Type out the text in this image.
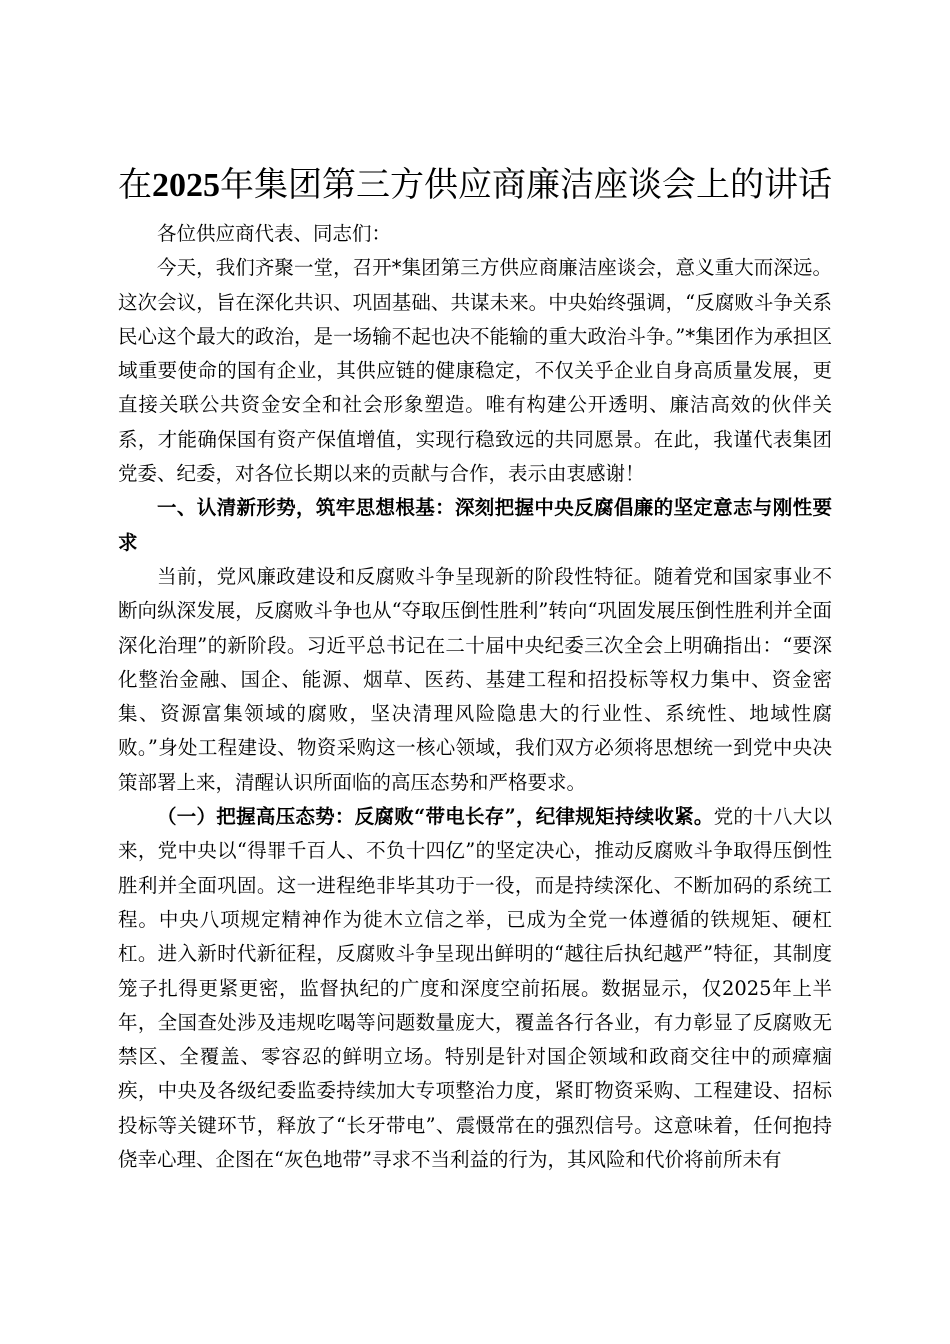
在2025年集团第三方供应商廉洁座谈会上的讲话

各位供应商代表、同志们：

今天，我们齐聚一堂，召开*集团第三方供应商廉洁座谈会，意义重大而深远。这次会议，旨在深化共识、巩固基础、共谋未来。中央始终强调，“反腐败斗争关系民心这个最大的政治，是一场输不起也决不能输的重大政治斗争。”*集团作为承担区域重要使命的国有企业，其供应链的健康稳定，不仅关乎企业自身高质量发展，更直接关联公共资金安全和社会形象塑造。唯有构建公开透明、廉洁高效的伙伴关系，才能确保国有资产保值增值，实现行稳致远的共同愿景。在此，我谨代表集团党委、纪委，对各位长期以来的贡献与合作，表示由衷感谢！

一、认清新形势，筑牢思想根基：深刻把握中央反腐倡廉的坚定意志与刚性要求

当前，党风廉政建设和反腐败斗争呈现新的阶段性特征。随着党和国家事业不断向纵深发展，反腐败斗争也从“夺取压倒性胜利”转向“巩固发展压倒性胜利并全面深化治理”的新阶段。习近平总书记在二十届中央纪委三次全会上明确指出：“要深化整治金融、国企、能源、烟草、医药、基建工程和招投标等权力集中、资金密集、资源富集领域的腐败，坚决清理风险隐患大的行业性、系统性、地域性腐败。”身处工程建设、物资采购这一核心领域，我们双方必须将思想统一到党中央决策部署上来，清醒认识所面临的高压态势和严格要求。

（一）把握高压态势：反腐败“带电长存”，纪律规矩持续收紧。党的十八大以来，党中央以“得罪千百人、不负十四亿”的坚定决心，推动反腐败斗争取得压倒性胜利并全面巩固。这一进程绝非毕其功于一役，而是持续深化、不断加码的系统工程。中央八项规定精神作为徙木立信之举，已成为全党一体遵循的铁规矩、硬杠杠。进入新时代新征程，反腐败斗争呈现出鲜明的“越往后执纪越严”特征，其制度笼子扎得更紧更密，监督执纪的广度和深度空前拓展。数据显示，仅2025年上半年，全国查处涉及违规吃喝等问题数量庞大，覆盖各行各业，有力彰显了反腐败无禁区、全覆盖、零容忍的鲜明立场。特别是针对国企领域和政商交往中的顽瘴痼疾，中央及各级纪委监委持续加大专项整治力度，紧盯物资采购、工程建设、招标投标等关键环节，释放了“长牙带电”、震慑常在的强烈信号。这意味着，任何抱持侥幸心理、企图在“灰色地带”寻求不当利益的行为，其风险和代价将前所未有
